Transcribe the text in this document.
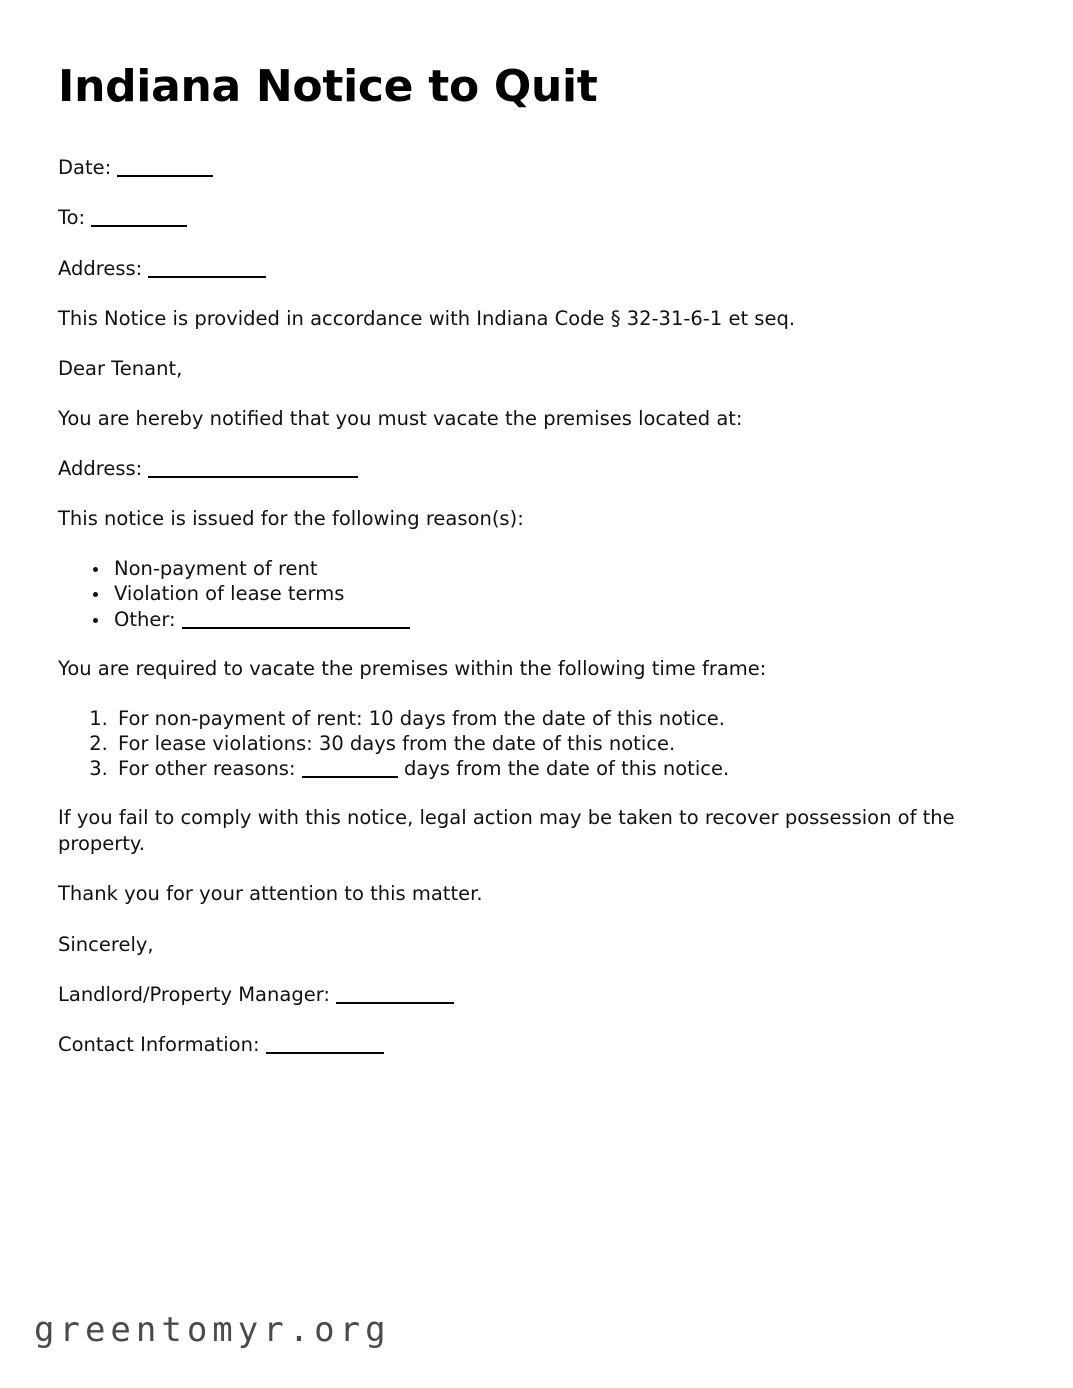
Indiana Notice to Quit

Date:

To:

Address:

This Notice is provided in accordance with Indiana Code § 32-31-6-1 et seq.

Dear Tenant,

You are hereby notified that you must vacate the premises located at:

Address:

This notice is issued for the following reason(s):

• Non-payment of rent
• Violation of lease terms
• Other:

You are required to vacate the premises within the following time frame:

1. For non-payment of rent: 10 days from the date of this notice.
2. For lease violations: 30 days from the date of this notice.
3. For other reasons:	days from the date of this notice.

If you fail to comply with this notice, legal action may be taken to recover possession of the property.

Thank you for your attention to this matter.

Sincerely,

Landlord/Property Manager:

Contact Information:

greentomyr.org
